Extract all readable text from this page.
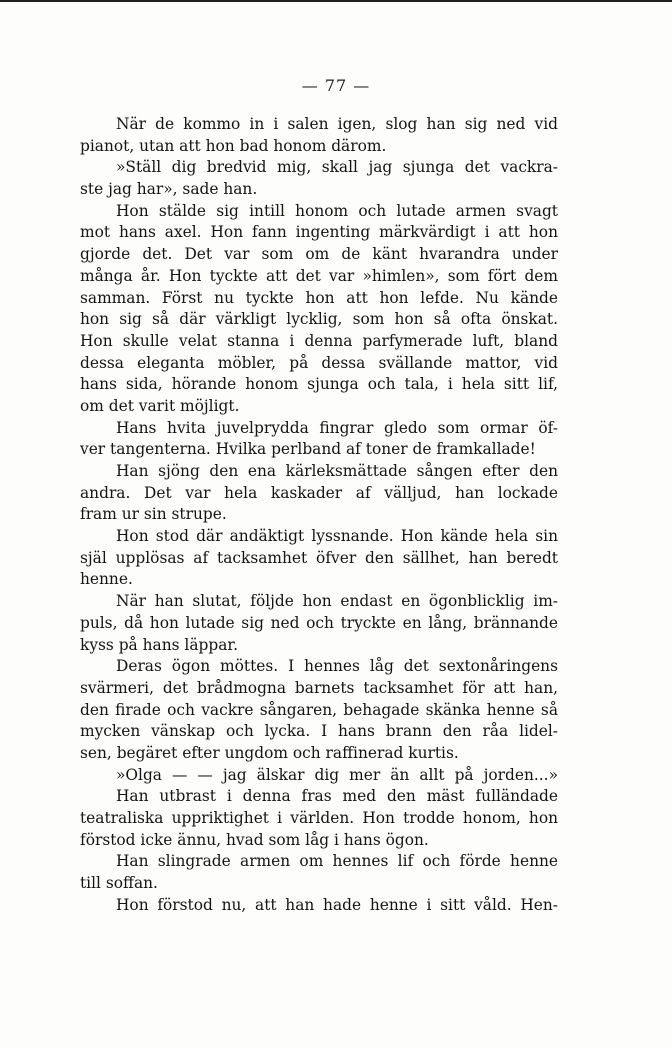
— 77 —
När de kommo in i salen igen, slog han sig ned vid
pianot, utan att hon bad honom därom.
»Ställ dig bredvid mig, skall jag sjunga det vackra-
ste jag har», sade han.
Hon stälde sig intill honom och lutade armen svagt
mot hans axel. Hon fann ingenting märkvärdigt i att hon
gjorde det. Det var som om de känt hvarandra under
många år. Hon tyckte att det var »himlen», som fört dem
samman. Först nu tyckte hon att hon lefde. Nu kände
hon sig så där värkligt lycklig, som hon så ofta önskat.
Hon skulle velat stanna i denna parfymerade luft, bland
dessa eleganta möbler, på dessa svällande mattor, vid
hans sida, hörande honom sjunga och tala, i hela sitt lif,
om det varit möjligt.
Hans hvita juvelprydda fingrar gledo som ormar öf-
ver tangenterna. Hvilka perlband af toner de framkallade!
Han sjöng den ena kärleksmättade sången efter den
andra. Det var hela kaskader af välljud, han lockade
fram ur sin strupe.
Hon stod där andäktigt lyssnande. Hon kände hela sin
själ upplösas af tacksamhet öfver den sällhet, han beredt
henne.
När han slutat, följde hon endast en ögonblicklig im-
puls, då hon lutade sig ned och tryckte en lång, brännande
kyss på hans läppar.
Deras ögon möttes. I hennes låg det sextonåringens
svärmeri, det brådmogna barnets tacksamhet för att han,
den firade och vackre sångaren, behagade skänka henne så
mycken vänskap och lycka. I hans brann den råa lidel-
sen, begäret efter ungdom och raffinerad kurtis.
»Olga — — jag älskar dig mer än allt på jorden...»
Han utbrast i denna fras med den mäst fulländade
teatraliska uppriktighet i världen. Hon trodde honom, hon
förstod icke ännu, hvad som låg i hans ögon.
Han slingrade armen om hennes lif och förde henne
till soffan.
Hon förstod nu, att han hade henne i sitt våld. Hen-
